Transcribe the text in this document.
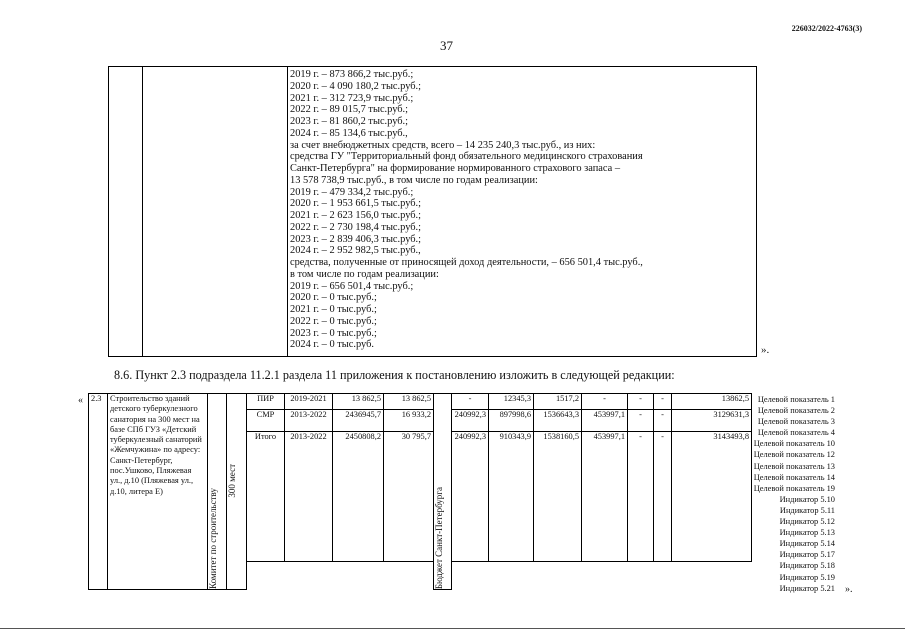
226032/2022-4763(3)
37
2019 г. – 873 866,2 тыс.руб.;
2020 г. – 4 090 180,2 тыс.руб.;
2021 г. – 312 723,9 тыс.руб.;
2022 г. – 89 015,7 тыс.руб.;
2023 г. – 81 860,2 тыс.руб.;
2024 г. – 85 134,6 тыс.руб.,
за счет внебюджетных средств, всего – 14 235 240,3 тыс.руб., из них:
средства ГУ "Территориальный фонд обязательного медицинского страхования
Санкт-Петербурга" на формирование нормированного страхового запаса –
13 578 738,9 тыс.руб., в том числе по годам реализации:
2019 г. – 479 334,2 тыс.руб.;
2020 г. – 1 953 661,5 тыс.руб.;
2021 г. – 2 623 156,0 тыс.руб.;
2022 г. – 2 730 198,4 тыс.руб.;
2023 г. – 2 839 406,3 тыс.руб.;
2024 г. – 2 952 982,5 тыс.руб.,
средства, полученные от приносящей доход деятельности, – 656 501,4 тыс.руб.,
в том числе по годам реализации:
2019 г. – 656 501,4 тыс.руб.;
2020 г. – 0 тыс.руб.;
2021 г. – 0 тыс.руб.;
2022 г. – 0 тыс.руб.;
2023 г. – 0 тыс.руб.;
2024 г. – 0 тыс.руб.	».
8.6. Пункт 2.3 подраздела 11.2.1 раздела 11 приложения к постановлению изложить в следующей редакции:
« 2.3	Строительство зданий детского туберкулезного санатория на 300 мест на базе СПб ГУЗ «Детский туберкулезный санаторий «Жемчужина» по адресу: Санкт-Петербург, пос.Ушково, Пляжевая ул., д.10 (Пляжевая ул., д.10, литера Е)	Комитет по строительству	300 мест	ПИР	2019-2021	13 862,5	13 862,5	Бюджет Санкт-Петербурга	-	12345,3	1517,2	-	-	-	13862,5
				СМР	2013-2022	2436945,7	16 933,2		240992,3	897998,6	1536643,3	453997,1	-	-	3129631,3
				Итого	2013-2022	2450808,2	30 795,7		240992,3	910343,9	1538160,5	453997,1	-	-	3143493,8

Целевой показатель 1
Целевой показатель 2
Целевой показатель 3
Целевой показатель 4
Целевой показатель 10
Целевой показатель 12
Целевой показатель 13
Целевой показатель 14
Целевой показатель 19
Индикатор 5.10
Индикатор 5.11
Индикатор 5.12
Индикатор 5.13
Индикатор 5.14
Индикатор 5.17
Индикатор 5.18
Индикатор 5.19
Индикатор 5.21 ».
